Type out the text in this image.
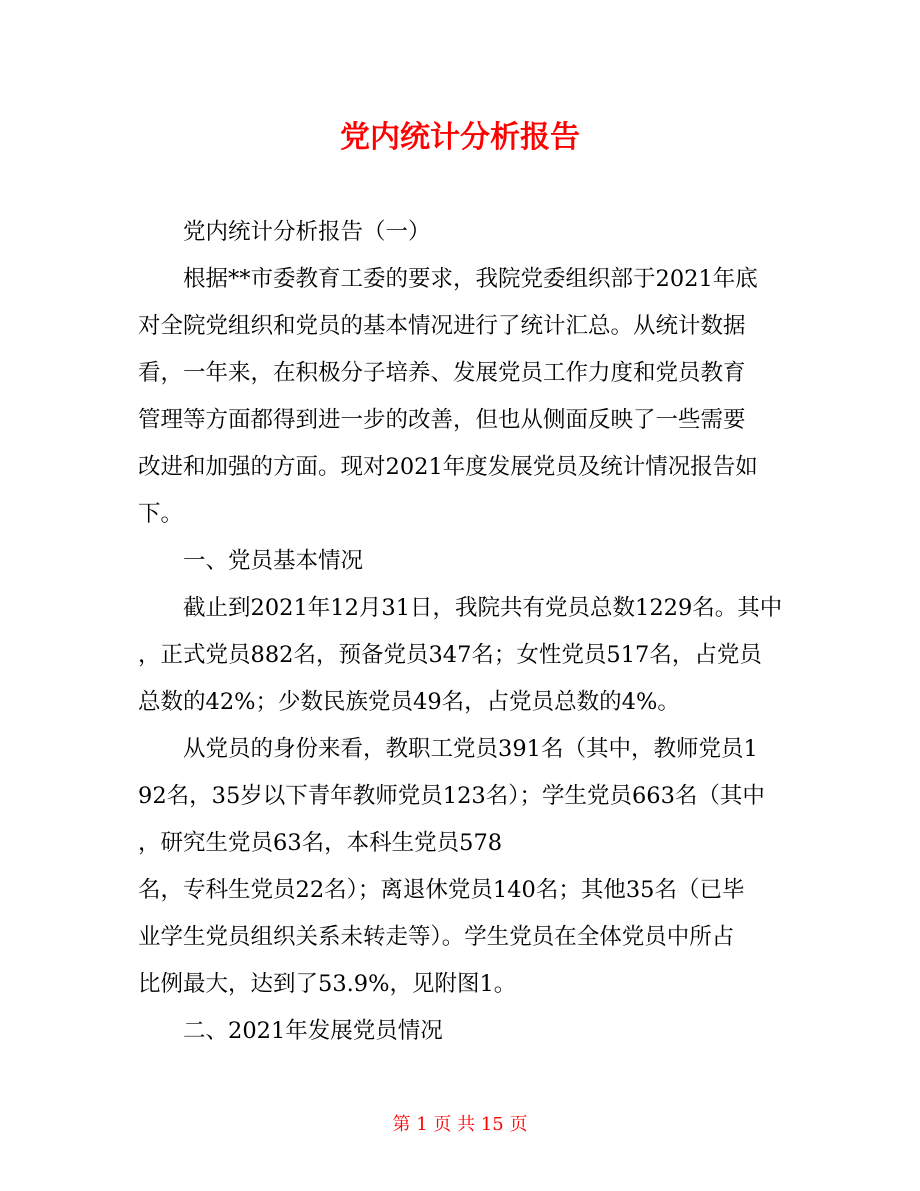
党内统计分析报告

党内统计分析报告（一）

根据**市委教育工委的要求，我院党委组织部于2021年底

对全院党组织和党员的基本情况进行了统计汇总。从统计数据

看，一年来，在积极分子培养、发展党员工作力度和党员教育

管理等方面都得到进一步的改善，但也从侧面反映了一些需要

改进和加强的方面。现对2021年度发展党员及统计情况报告如

下。

一、党员基本情况

截止到2021年12月31日，我院共有党员总数1229名。其中

，正式党员882名，预备党员347名；女性党员517名，占党员

总数的42%；少数民族党员49名，占党员总数的4%。

从党员的身份来看，教职工党员391名（其中，教师党员1

92名，35岁以下青年教师党员123名）；学生党员663名（其中

，研究生党员63名，本科生党员578

名，专科生党员22名）；离退休党员140名；其他35名（已毕

业学生党员组织关系未转走等）。学生党员在全体党员中所占

比例最大，达到了53.9%，见附图1。

二、2021年发展党员情况

第 1 页 共 15 页
